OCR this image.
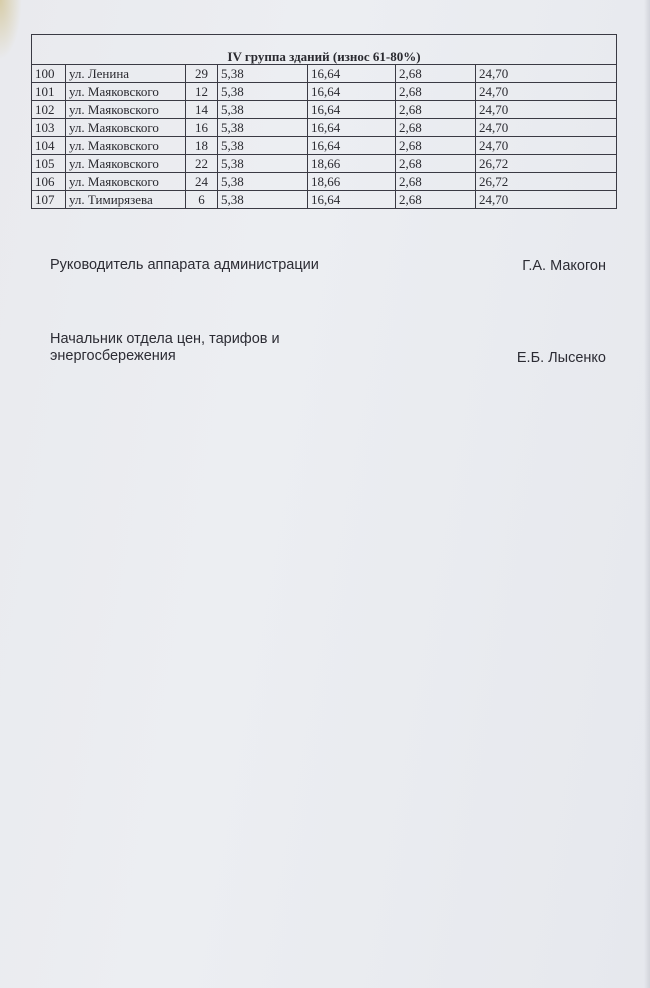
IV группа зданий (износ 61-80%)						
100	ул. Ленина	29	5,38	16,64	2,68	24,70
101	ул. Маяковского	12	5,38	16,64	2,68	24,70
102	ул. Маяковского	14	5,38	16,64	2,68	24,70
103	ул. Маяковского	16	5,38	16,64	2,68	24,70
104	ул. Маяковского	18	5,38	16,64	2,68	24,70
105	ул. Маяковского	22	5,38	18,66	2,68	26,72
106	ул. Маяковского	24	5,38	18,66	2,68	26,72
107	ул. Тимирязева	6	5,38	16,64	2,68	24,70
Руководитель аппарата администрации	Г.А. Макогон
Начальник отдела цен, тарифов и
энергосбережения	Е.Б. Лысенко
